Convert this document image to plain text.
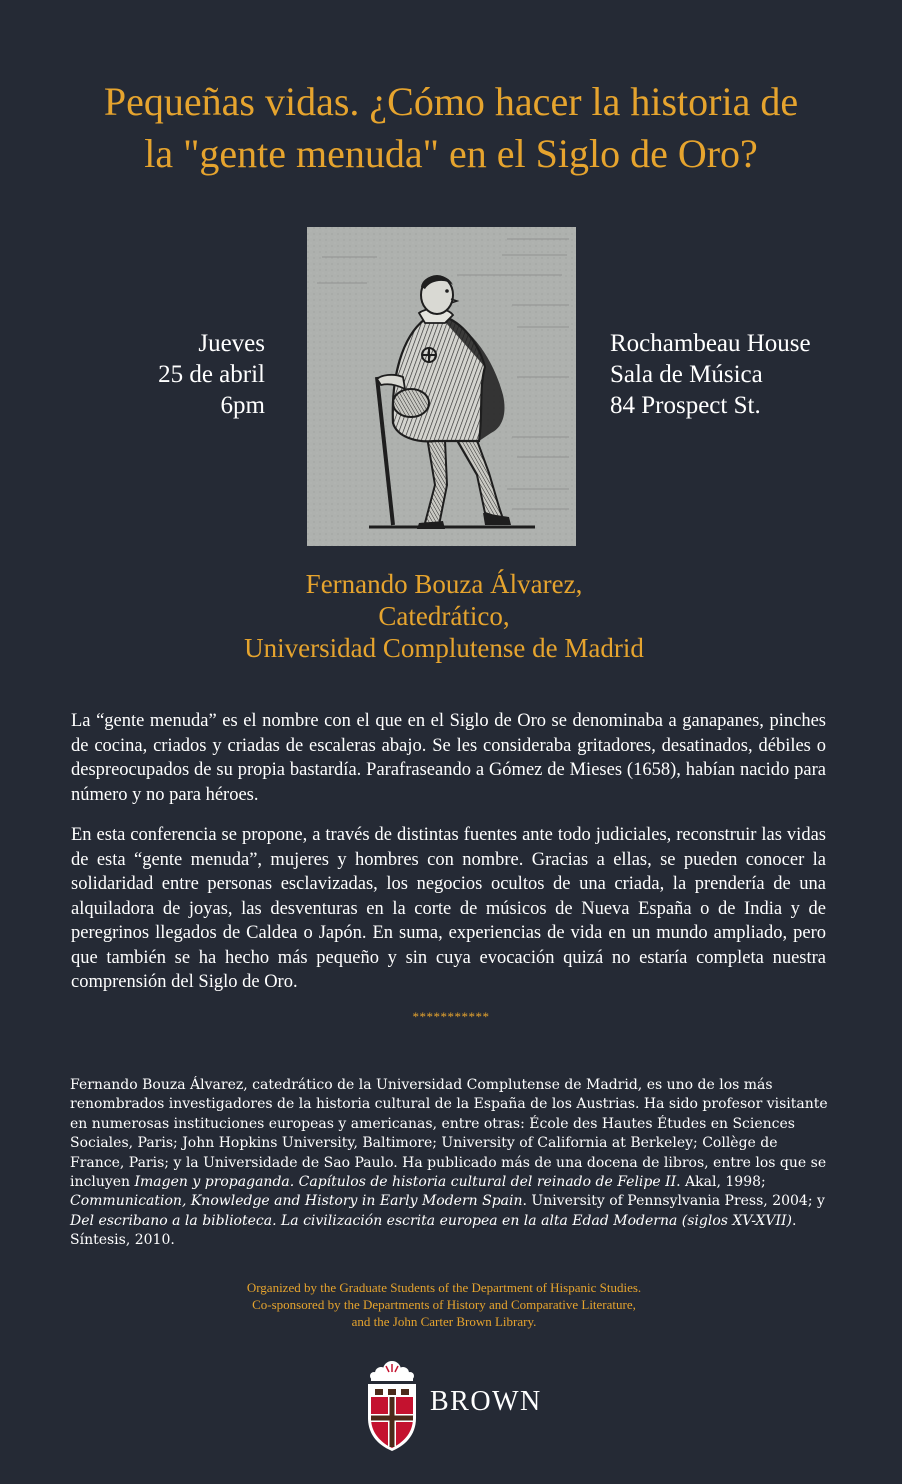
Pequeñas vidas. ¿Cómo hacer la historia de
la "gente menuda" en el Siglo de Oro?
Jueves
25 de abril
6pm
Rochambeau House
Sala de Música
84 Prospect St.
Fernando Bouza Álvarez,
Catedrático,
Universidad Complutense de Madrid

La “gente menuda” es el nombre con el que en el Siglo de Oro se denominaba a ganapanes, pinches de cocina, criados y criadas de escaleras abajo. Se les consideraba gritadores, desatinados, débiles o despreocupados de su propia bastardía. Parafraseando a Gómez de Mieses (1658), habían nacido para número y no para héroes.

En esta conferencia se propone, a través de distintas fuentes ante todo judiciales, reconstruir las vidas de esta “gente menuda”, mujeres y hombres con nombre. Gracias a ellas, se pueden conocer la solidaridad entre personas esclavizadas, los negocios ocultos de una criada, la prendería de una alquiladora de joyas, las desventuras en la corte de músicos de Nueva España o de India y de peregrinos llegados de Caldea o Japón. En suma, experiencias de vida en un mundo ampliado, pero que también se ha hecho más pequeño y sin cuya evocación quizá no estaría completa nuestra comprensión del Siglo de Oro.

***********

Fernando Bouza Álvarez, catedrático de la Universidad Complutense de Madrid, es uno de los más renombrados investigadores de la historia cultural de la España de los Austrias. Ha sido profesor visitante en numerosas instituciones europeas y americanas, entre otras: École des Hautes Études en Sciences Sociales, Paris; John Hopkins University, Baltimore; University of California at Berkeley; Collège de France, Paris; y la Universidade de Sao Paulo. Ha publicado más de una docena de libros, entre los que se incluyen Imagen y propaganda. Capítulos de historia cultural del reinado de Felipe II. Akal, 1998; Communication, Knowledge and History in Early Modern Spain. University of Pennsylvania Press, 2004; y Del escribano a la biblioteca. La civilización escrita europea en la alta Edad Moderna (siglos XV-XVII). Síntesis, 2010.

Organized by the Graduate Students of the Department of Hispanic Studies.
Co-sponsored by the Departments of History and Comparative Literature,
and the John Carter Brown Library.
BROWN
